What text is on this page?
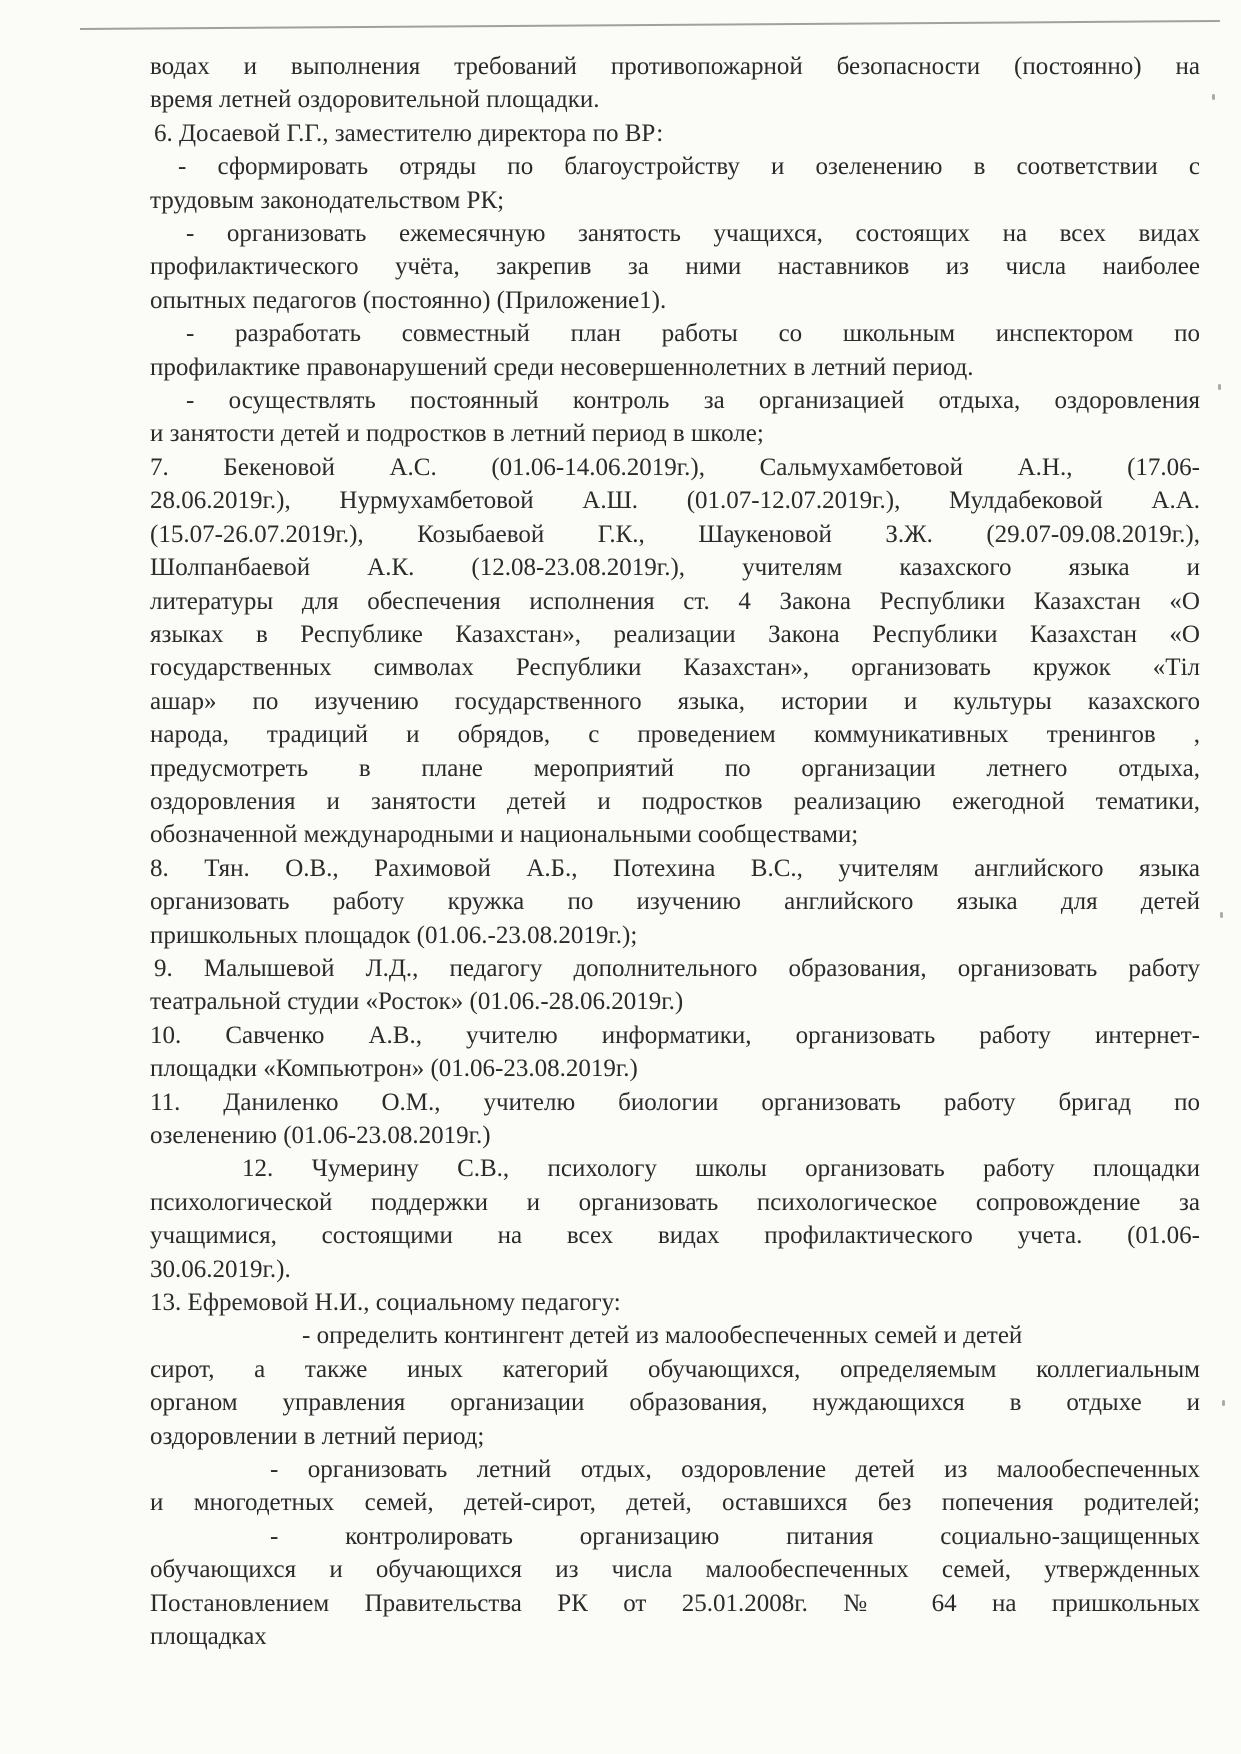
водах и выполнения требований противопожарной безопасности (постоянно) на
время летней оздоровительной площадки.
6. Досаевой Г.Г., заместителю директора по ВР:
- сформировать отряды по благоустройству и озеленению в соответствии с
трудовым законодательством РК;
- организовать ежемесячную занятость учащихся, состоящих на всех видах
профилактического учёта, закрепив за ними наставников из числа наиболее
опытных педагогов (постоянно) (Приложение1).
- разработать совместный план работы со школьным инспектором по
профилактике правонарушений среди несовершеннолетних в летний период.
- осуществлять постоянный контроль за организацией отдыха, оздоровления
и занятости детей и подростков в летний период в школе;
7. Бекеновой А.С. (01.06-14.06.2019г.), Сальмухамбетовой А.Н., (17.06-
28.06.2019г.), Нурмухамбетовой А.Ш. (01.07-12.07.2019г.), Мулдабековой А.А.
(15.07-26.07.2019г.), Козыбаевой Г.К., Шаукеновой З.Ж. (29.07-09.08.2019г.),
Шолпанбаевой А.К. (12.08-23.08.2019г.), учителям казахского языка и
литературы для обеспечения исполнения ст. 4 Закона Республики Казахстан «О
языках в Республике Казахстан», реализации Закона Республики Казахстан «О
государственных символах Республики Казахстан», организовать кружок «Тіл
ашар» по изучению государственного языка, истории и культуры казахского
народа, традиций и обрядов, с проведением коммуникативных тренингов ,
предусмотреть в плане мероприятий по организации летнего отдыха,
оздоровления и занятости детей и подростков реализацию ежегодной тематики,
обозначенной международными и национальными сообществами;
8. Тян. О.В., Рахимовой А.Б., Потехина В.С., учителям английского языка
организовать работу кружка по изучению английского языка для детей
пришкольных площадок (01.06.-23.08.2019г.);
9. Малышевой Л.Д., педагогу дополнительного образования, организовать работу
театральной студии «Росток» (01.06.-28.06.2019г.)
10. Савченко А.В., учителю информатики, организовать работу интернет-
площадки «Компьютрон» (01.06-23.08.2019г.)
11. Даниленко О.М., учителю биологии организовать работу бригад по
озеленению (01.06-23.08.2019г.)
12. Чумерину С.В., психологу школы организовать работу площадки
психологической поддержки и организовать психологическое сопровождение за
учащимися, состоящими на всех видах профилактического учета. (01.06-
30.06.2019г.).
13. Ефремовой Н.И., социальному педагогу:
- определить контингент детей из малообеспеченных семей и детей
сирот, а также иных категорий обучающихся, определяемым коллегиальным
органом управления организации образования, нуждающихся в отдыхе и
оздоровлении в летний период;
- организовать летний отдых, оздоровление детей из малообеспеченных
и многодетных семей, детей-сирот, детей, оставшихся без попечения родителей;
- контролировать организацию питания социально-защищенных
обучающихся и обучающихся из числа малообеспеченных семей, утвержденных
Постановлением Правительства РК от 25.01.2008г. № 64 на пришкольных
площадках
